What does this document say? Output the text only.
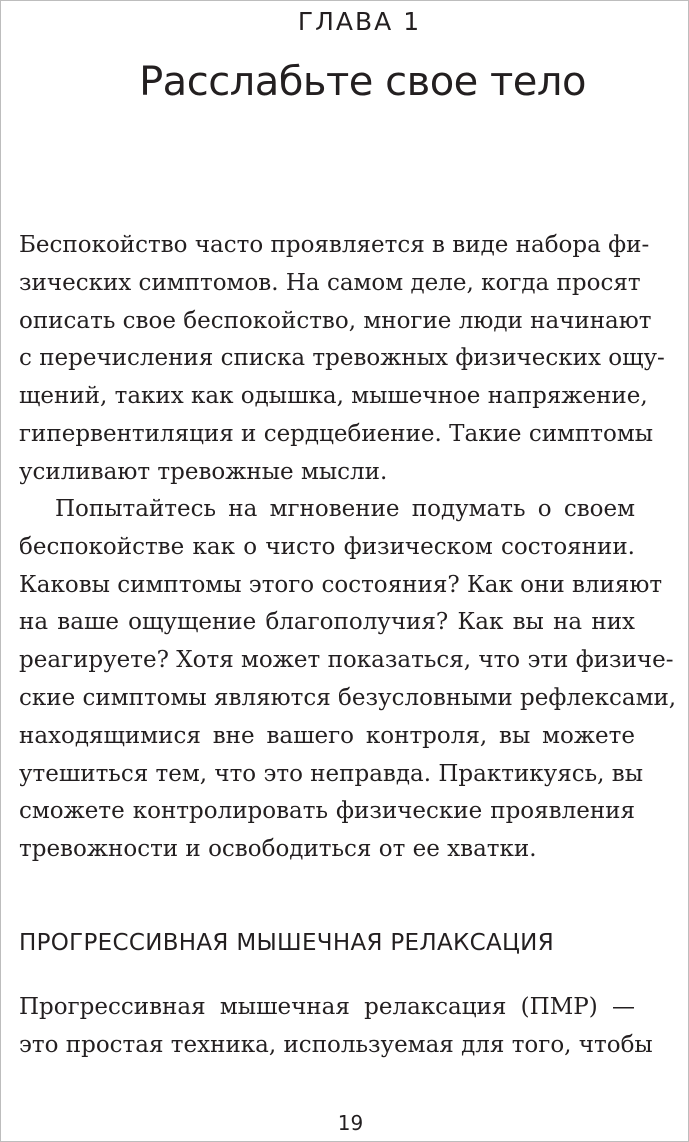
ГЛАВА 1
Расслабьте свое тело
Беспокойство часто проявляется в виде набора фи-
зических симптомов. На самом деле, когда просят
описать свое беспокойство, многие люди начинают
с перечисления списка тревожных физических ощу-
щений, таких как одышка, мышечное напряжение,
гипервентиляция и сердцебиение. Такие симптомы
усиливают тревожные мысли.
Попытайтесь на мгновение подумать о своем
беспокойстве как о чисто физическом состоянии.
Каковы симптомы этого состояния? Как они влияют
на ваше ощущение благополучия? Как вы на них
реагируете? Хотя может показаться, что эти физиче-
ские симптомы являются безусловными рефлексами,
находящимися вне вашего контроля, вы можете
утешиться тем, что это неправда. Практикуясь, вы
сможете контролировать физические проявления
тревожности и освободиться от ее хватки.
ПРОГРЕССИВНАЯ МЫШЕЧНАЯ РЕЛАКСАЦИЯ
Прогрессивная мышечная релаксация (ПМР) —
это простая техника, используемая для того, чтобы
19
